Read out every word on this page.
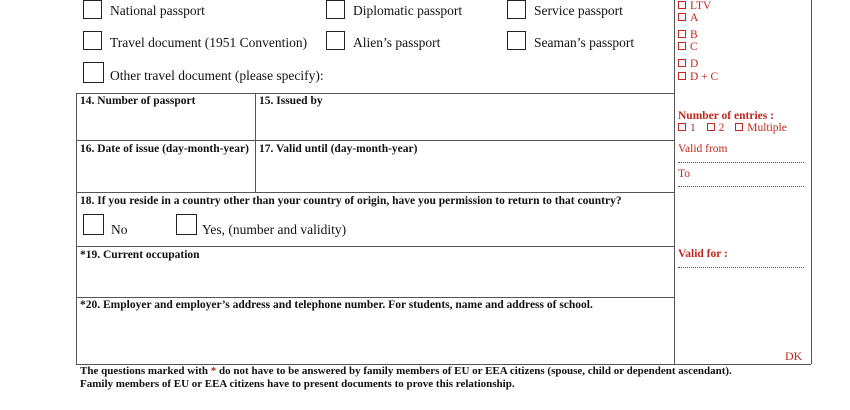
National passport	Diplomatic passport	Service passport
Travel document (1951 Convention)	Alien’s passport	Seaman’s passport
Other travel document (please specify):
14. Number of passport	15. Issued by
16. Date of issue (day-month-year) 17. Valid until (day-month-year)
18. If you reside in a country other than your country of origin, have you permission to return to that country?
No	Yes, (number and validity)
*19. Current occupation
*20. Employer and employer’s address and telephone number. For students, name and address of school.
LTV
A
B
C
D
D + C
Number of entries :
1 2 Multiple
Valid from
To
Valid for :
DK
The questions marked with * do not have to be answered by family members of EU or EEA citizens (spouse, child or dependent ascendant).
Family members of EU or EEA citizens have to present documents to prove this relationship.
